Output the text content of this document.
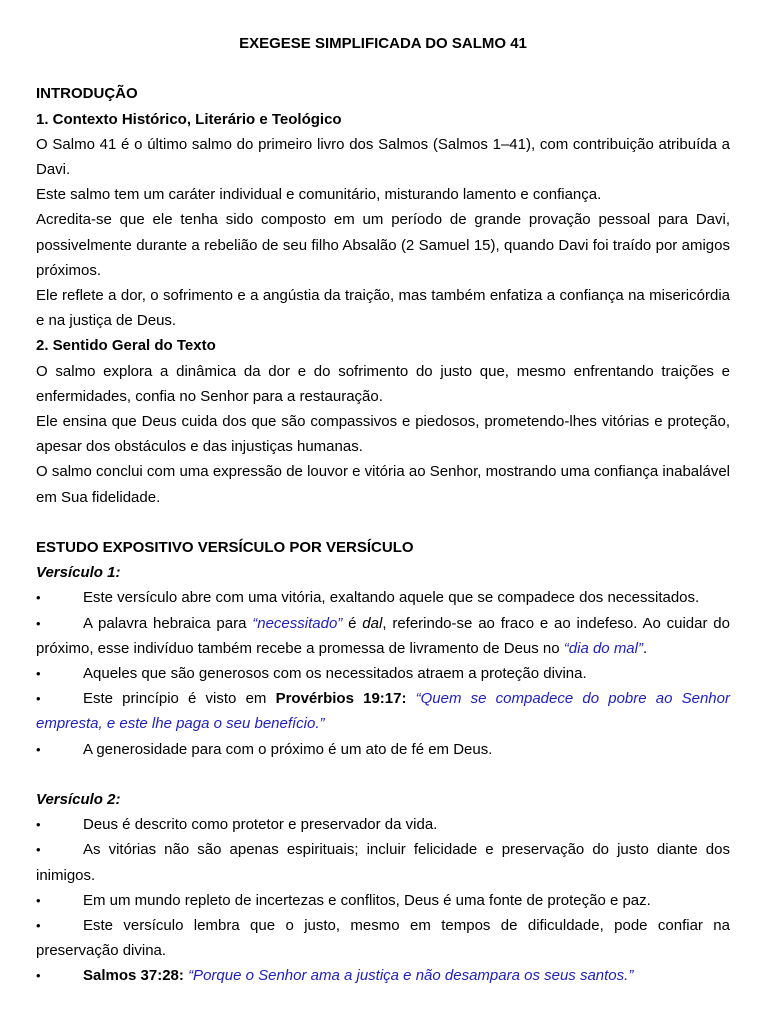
EXEGESE SIMPLIFICADA DO SALMO 41
INTRODUÇÃO
1. Contexto Histórico, Literário e Teológico

O Salmo 41 é o último salmo do primeiro livro dos Salmos (Salmos 1–41), com contribuição atribuída a Davi.

Este salmo tem um caráter individual e comunitário, misturando lamento e confiança.

Acredita-se que ele tenha sido composto em um período de grande provação pessoal para Davi, possivelmente durante a rebelião de seu filho Absalão (2 Samuel 15), quando Davi foi traído por amigos próximos.

Ele reflete a dor, o sofrimento e a angústia da traição, mas também enfatiza a confiança na misericórdia e na justiça de Deus.

2. Sentido Geral do Texto

O salmo explora a dinâmica da dor e do sofrimento do justo que, mesmo enfrentando traições e enfermidades, confia no Senhor para a restauração.

Ele ensina que Deus cuida dos que são compassivos e piedosos, prometendo-lhes vitórias e proteção, apesar dos obstáculos e das injustiças humanas.

O salmo conclui com uma expressão de louvor e vitória ao Senhor, mostrando uma confiança inabalável em Sua fidelidade.

ESTUDO EXPOSITIVO VERSÍCULO POR VERSÍCULO
Versículo 1:
• Este versículo abre com uma vitória, exaltando aquele que se compadece dos necessitados.
• A palavra hebraica para “necessitado” é dal, referindo-se ao fraco e ao indefeso. Ao cuidar do próximo, esse indivíduo também recebe a promessa de livramento de Deus no “dia do mal”.
• Aqueles que são generosos com os necessitados atraem a proteção divina.
• Este princípio é visto em Provérbios 19:17: “Quem se compadece do pobre ao Senhor empresta, e este lhe paga o seu benefício.”
• A generosidade para com o próximo é um ato de fé em Deus.
Versículo 2:
• Deus é descrito como protetor e preservador da vida.
• As vitórias não são apenas espirituais; incluir felicidade e preservação do justo diante dos inimigos.
• Em um mundo repleto de incertezas e conflitos, Deus é uma fonte de proteção e paz.
• Este versículo lembra que o justo, mesmo em tempos de dificuldade, pode confiar na preservação divina.
• Salmos 37:28: “Porque o Senhor ama a justiça e não desampara os seus santos.”
